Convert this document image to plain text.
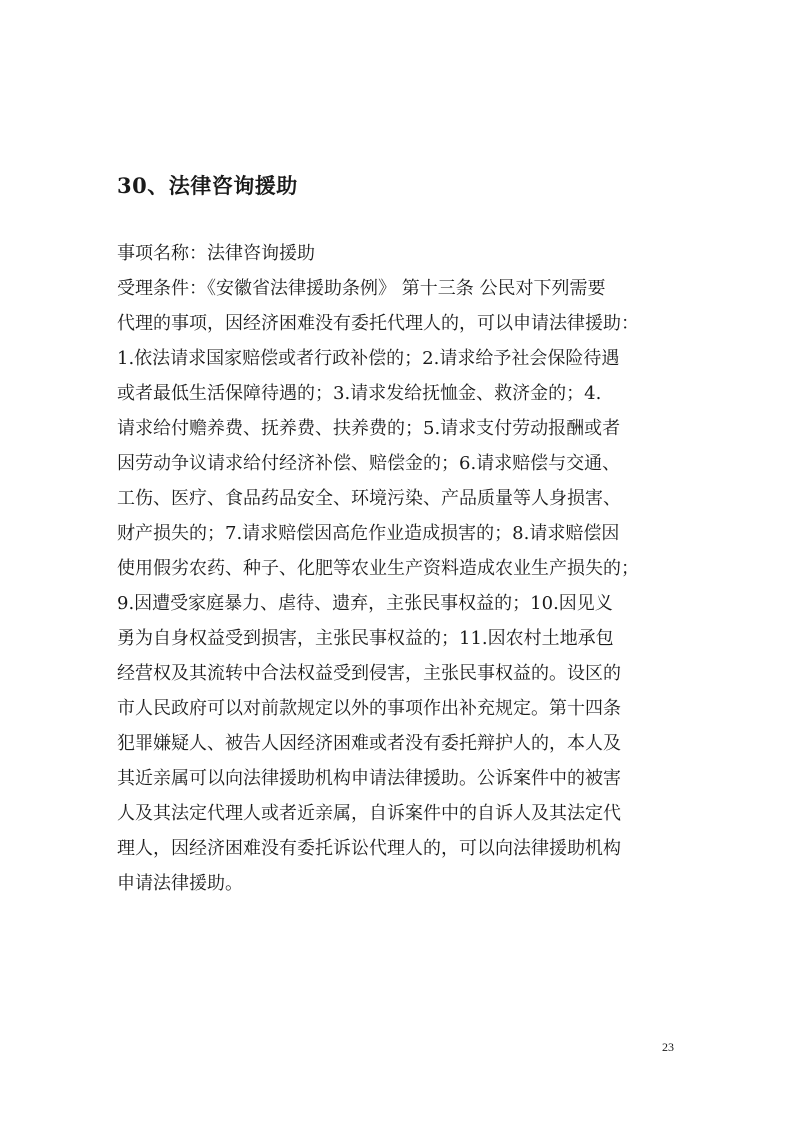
30、法律咨询援助
事项名称：法律咨询援助
受理条件：《安徽省法律援助条例》 第十三条 公民对下列需要
代理的事项，因经济困难没有委托代理人的，可以申请法律援助：
1.依法请求国家赔偿或者行政补偿的；2.请求给予社会保险待遇
或者最低生活保障待遇的；3.请求发给抚恤金、救济金的；4.
请求给付赡养费、抚养费、扶养费的；5.请求支付劳动报酬或者
因劳动争议请求给付经济补偿、赔偿金的；6.请求赔偿与交通、
工伤、医疗、食品药品安全、环境污染、产品质量等人身损害、
财产损失的；7.请求赔偿因高危作业造成损害的；8.请求赔偿因
使用假劣农药、种子、化肥等农业生产资料造成农业生产损失的；
9.因遭受家庭暴力、虐待、遗弃，主张民事权益的；10.因见义
勇为自身权益受到损害，主张民事权益的；11.因农村土地承包
经营权及其流转中合法权益受到侵害，主张民事权益的。设区的
市人民政府可以对前款规定以外的事项作出补充规定。第十四条
犯罪嫌疑人、被告人因经济困难或者没有委托辩护人的，本人及
其近亲属可以向法律援助机构申请法律援助。公诉案件中的被害
人及其法定代理人或者近亲属，自诉案件中的自诉人及其法定代
理人，因经济困难没有委托诉讼代理人的，可以向法律援助机构
申请法律援助。
23
